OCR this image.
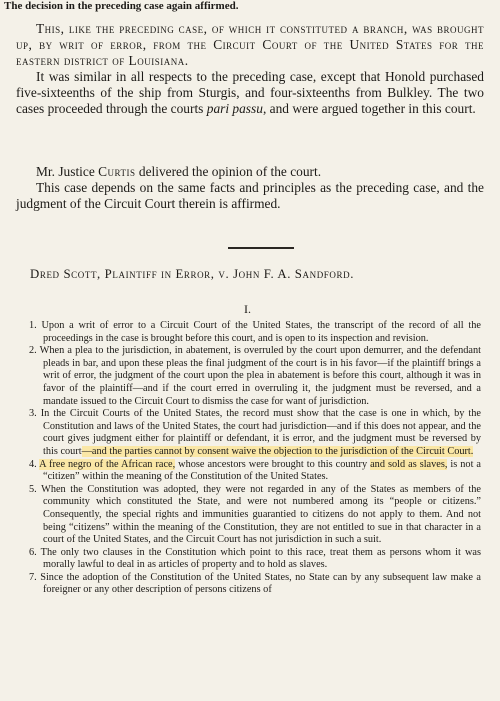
The decision in the preceding case again affirmed.

This, like the preceding case, of which it constituted a branch, was brought up, by writ of error, from the Circuit Court of the United States for the eastern district of Louisiana.

It was similar in all respects to the preceding case, except that Honold purchased five-sixteenths of the ship from Sturgis, and four-sixteenths from Bulkley. The two cases proceeded through the courts pari passu, and were argued together in this court.

Mr. Justice Curtis delivered the opinion of the court.

This case depends on the same facts and principles as the preceding case, and the judgment of the Circuit Court therein is affirmed.

Dred Scott, Plaintiff in Error, v. John F. A. Sandford.
I.

1. Upon a writ of error to a Circuit Court of the United States, the transcript of the record of all the proceedings in the case is brought before this court, and is open to its inspection and revision.

2. When a plea to the jurisdiction, in abatement, is overruled by the court upon demurrer, and the defendant pleads in bar, and upon these pleas the final judgment of the court is in his favor—if the plaintiff brings a writ of error, the judgment of the court upon the plea in abatement is before this court, although it was in favor of the plaintiff—and if the court erred in overruling it, the judgment must be reversed, and a mandate issued to the Circuit Court to dismiss the case for want of jurisdiction.

3. In the Circuit Courts of the United States, the record must show that the case is one in which, by the Constitution and laws of the United States, the court had jurisdiction—and if this does not appear, and the court gives judgment either for plaintiff or defendant, it is error, and the judgment must be reversed by this court—and the parties cannot by consent waive the objection to the jurisdiction of the Circuit Court.

4. A free negro of the African race, whose ancestors were brought to this country and sold as slaves, is not a “citizen” within the meaning of the Constitution of the United States.

5. When the Constitution was adopted, they were not regarded in any of the States as members of the community which constituted the State, and were not numbered among its “people or citizens.” Consequently, the special rights and immunities guarantied to citizens do not apply to them. And not being “citizens” within the meaning of the Constitution, they are not entitled to sue in that character in a court of the United States, and the Circuit Court has not jurisdiction in such a suit.

6. The only two clauses in the Constitution which point to this race, treat them as persons whom it was morally lawful to deal in as articles of property and to hold as slaves.

7. Since the adoption of the Constitution of the United States, no State can by any subsequent law make a foreigner or any other description of persons citizens of
